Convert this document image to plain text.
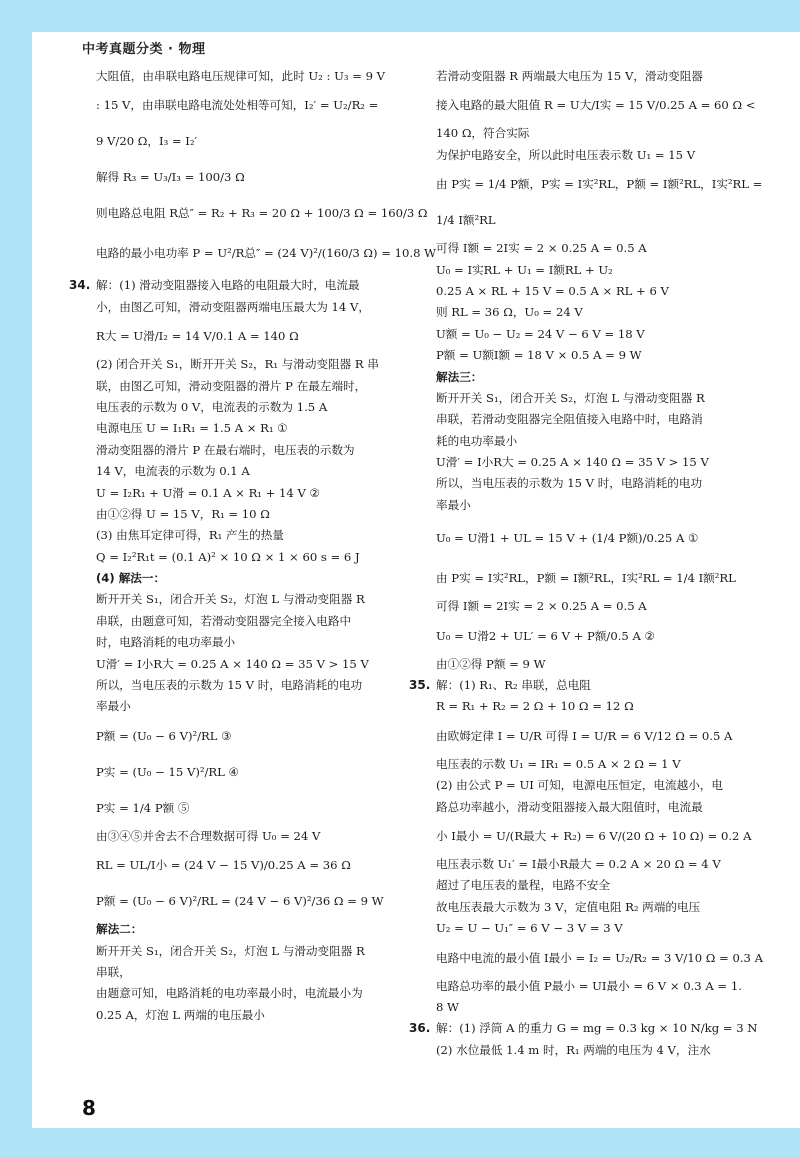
中考真题分类 · 物理
大阻值，由串联电路电压规律可知，此时 U₂ : U₃ = 9 V
: 15 V，由串联电路电流处处相等可知，I₂′ = U₂/R₂ =
9 V/20 Ω，I₃ = I₂′
解得 R₃ = U₃/I₃ = 100/3 Ω
则电路总电阻 R总″ = R₂ + R₃ = 20 Ω + 100/3 Ω = 160/3 Ω
电路的最小电功率 P = U²/R总″ = (24 V)²/(160/3 Ω) = 10.8 W
34. 解：(1) 滑动变阻器接入电路的电阻最大时，电流最
小，由图乙可知，滑动变阻器两端电压最大为 14 V，
R大 = U滑/I₂ = 14 V/0.1 A = 140 Ω
(2) 闭合开关 S₁，断开开关 S₂，R₁ 与滑动变阻器 R 串
联，由图乙可知，滑动变阻器的滑片 P 在最左端时，
电压表的示数为 0 V，电流表的示数为 1.5 A
电源电压 U = I₁R₁ = 1.5 A × R₁ ①
滑动变阻器的滑片 P 在最右端时，电压表的示数为
14 V，电流表的示数为 0.1 A
U = I₂R₁ + U滑 = 0.1 A × R₁ + 14 V ②
由①②得 U = 15 V，R₁ = 10 Ω
(3) 由焦耳定律可得，R₁ 产生的热量
Q = I₂²R₁t = (0.1 A)² × 10 Ω × 1 × 60 s = 6 J
(4) 解法一：
断开开关 S₁，闭合开关 S₂，灯泡 L 与滑动变阻器 R
串联，由题意可知，若滑动变阻器完全接入电路中
时，电路消耗的电功率最小
U滑′ = I小R大 = 0.25 A × 140 Ω = 35 V > 15 V
所以，当电压表的示数为 15 V 时，电路消耗的电功
率最小
P额 = (U₀ − 6 V)²/RL ③
P实 = (U₀ − 15 V)²/RL ④
P实 = 1/4 P额 ⑤
由③④⑤并舍去不合理数据可得 U₀ = 24 V
RL = UL/I小 = (24 V − 15 V)/0.25 A = 36 Ω
P额 = (U₀ − 6 V)²/RL = (24 V − 6 V)²/36 Ω = 9 W
解法二：
断开开关 S₁，闭合开关 S₂，灯泡 L 与滑动变阻器 R
串联，
由题意可知，电路消耗的电功率最小时，电流最小为
0.25 A，灯泡 L 两端的电压最小
若滑动变阻器 R 两端最大电压为 15 V，滑动变阻器
接入电路的最大阻值 R = U大/I实 = 15 V/0.25 A = 60 Ω <
140 Ω，符合实际
为保护电路安全，所以此时电压表示数 U₁ = 15 V
由 P实 = 1/4 P额，P实 = I实²RL，P额 = I额²RL，I实²RL =
1/4 I额²RL
可得 I额 = 2I实 = 2 × 0.25 A = 0.5 A
U₀ = I实RL + U₁ = I额RL + U₂
0.25 A × RL + 15 V = 0.5 A × RL + 6 V
则 RL = 36 Ω，U₀ = 24 V
U额 = U₀ − U₂ = 24 V − 6 V = 18 V
P额 = U额I额 = 18 V × 0.5 A = 9 W
解法三：
断开开关 S₁，闭合开关 S₂，灯泡 L 与滑动变阻器 R
串联，若滑动变阻器完全阻值接入电路中时，电路消
耗的电功率最小
U滑′ = I小R大 = 0.25 A × 140 Ω = 35 V > 15 V
所以，当电压表的示数为 15 V 时，电路消耗的电功
率最小
U₀ = U滑1 + UL = 15 V + (1/4 P额)/0.25 A ①
由 P实 = I实²RL，P额 = I额²RL，I实²RL = 1/4 I额²RL
可得 I额 = 2I实 = 2 × 0.25 A = 0.5 A
U₀ = U滑2 + UL′ = 6 V + P额/0.5 A ②
由①②得 P额 = 9 W
35. 解：(1) R₁、R₂ 串联，总电阻
R = R₁ + R₂ = 2 Ω + 10 Ω = 12 Ω
由欧姆定律 I = U/R 可得 I = U/R = 6 V/12 Ω = 0.5 A
电压表的示数 U₁ = IR₁ = 0.5 A × 2 Ω = 1 V
(2) 由公式 P = UI 可知，电源电压恒定，电流越小，电
路总功率越小，滑动变阻器接入最大阻值时，电流最
小 I最小 = U/(R最大 + R₂) = 6 V/(20 Ω + 10 Ω) = 0.2 A
电压表示数 U₁′ = I最小R最大 = 0.2 A × 20 Ω = 4 V
超过了电压表的量程，电路不安全
故电压表最大示数为 3 V，定值电阻 R₂ 两端的电压
U₂ = U − U₁″ = 6 V − 3 V = 3 V
电路中电流的最小值 I最小 = I₂ = U₂/R₂ = 3 V/10 Ω = 0.3 A
电路总功率的最小值 P最小 = UI最小 = 6 V × 0.3 A = 1.
8 W
36. 解：(1) 浮筒 A 的重力 G = mg = 0.3 kg × 10 N/kg = 3 N
(2) 水位最低 1.4 m 时，R₁ 两端的电压为 4 V，注水
8
